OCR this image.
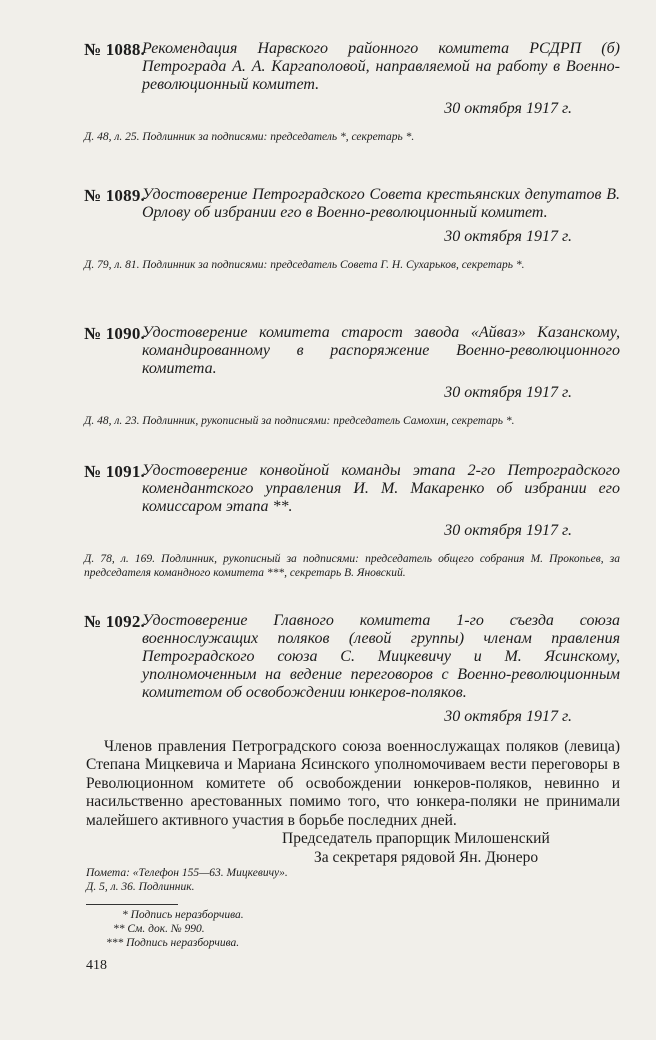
№ 1088.
Рекомендация Нарвского районного комитета РСДРП (б) Петрограда А. А. Каргаполовой, направляемой на работу в Военно-революционный комитет.
30 октября 1917 г.
Д. 48, л. 25. Подлинник за подписями: председатель *, секретарь *.
№ 1089.
Удостоверение Петроградского Совета крестьянских депутатов В. Орлову об избрании его в Военно-революционный комитет.
30 октября 1917 г.
Д. 79, л. 81. Подлинник за подписями: председатель Совета Г. Н. Сухарьков, секретарь *.
№ 1090.
Удостоверение комитета старост завода «Айваз» Казанскому, командированному в распоряжение Военно-революционного комитета.
30 октября 1917 г.
Д. 48, л. 23. Подлинник, рукописный за подписями: председатель Самохин, секретарь *.
№ 1091.
Удостоверение конвойной команды этапа 2-го Петроградского комендантского управления И. М. Макаренко об избрании его комиссаром этапа **.
30 октября 1917 г.
Д. 78, л. 169. Подлинник, рукописный за подписями: председатель общего собрания М. Прокопьев, за председателя командного комитета ***, секретарь В. Яновский.
№ 1092.
Удостоверение Главного комитета 1-го съезда союза военнослужащих поляков (левой группы) членам правления Петроградского союза С. Мицкевичу и М. Ясинскому, уполномоченным на ведение переговоров с Военно-революционным комитетом об освобождении юнкеров-поляков.
30 октября 1917 г.

Членов правления Петроградского союза военнослужащах поляков (левица) Степана Мицкевича и Мариана Ясинского уполномочиваем вести переговоры в Революционном комитете об освобождении юнкеров-поляков, невинно и насильственно арестованных помимо того, что юнкера-поляки не принимали малейшего активного участия в борьбе последних дней.

Председатель прапорщик Милошенский
За секретаря рядовой Ян. Дюнеро
Помета: «Телефон 155—63. Мицкевичу».
Д. 5, л. 36. Подлинник.
* Подпись неразборчива.
** См. док. № 990.
*** Подпись неразборчива.
418
